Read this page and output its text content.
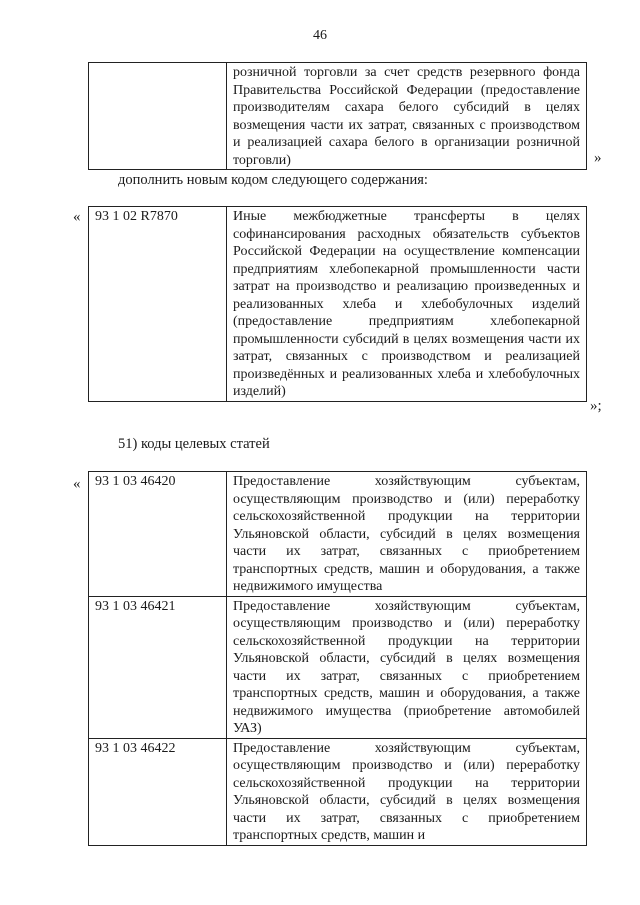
46
	розничной торговли за счет средств резервного фонда Правительства Российской Федерации (предоставление производителям сахара белого субсидий в целях возмещения части их затрат, связанных с производством и реализацией сахара белого в организации розничной торговли)	»
дополнить новым кодом следующего содержания:
« 93 1 02 R7870	Иные межбюджетные трансферты в целях софинансирования расходных обязательств субъектов Российской Федерации на осуществление компенсации предприятиям хлебопекарной промышленности части затрат на производство и реализацию произведенных и реализованных хлеба и хлебобулочных изделий (предоставление предприятиям хлебопекарной промышленности субсидий в целях возмещения части их затрат, связанных с производством и реализацией произведённых и реализованных хлеба и хлебобулочных изделий)
»;
51) коды целевых статей
« 93 1 03 46420	Предоставление хозяйствующим субъектам, осуществляющим производство и (или) переработку сельскохозяйственной продукции на территории Ульяновской области, субсидий в целях возмещения части их затрат, связанных с приобретением транспортных средств, машин и оборудования, а также недвижимого имущества
93 1 03 46421	Предоставление хозяйствующим субъектам, осуществляющим производство и (или) переработку сельскохозяйственной продукции на территории Ульяновской области, субсидий в целях возмещения части их затрат, связанных с приобретением транспортных средств, машин и оборудования, а также недвижимого имущества (приобретение автомобилей УАЗ)
93 1 03 46422	Предоставление хозяйствующим субъектам, осуществляющим производство и (или) переработку сельскохозяйственной продукции на территории Ульяновской области, субсидий в целях возмещения части их затрат, связанных с приобретением транспортных средств, машин и
